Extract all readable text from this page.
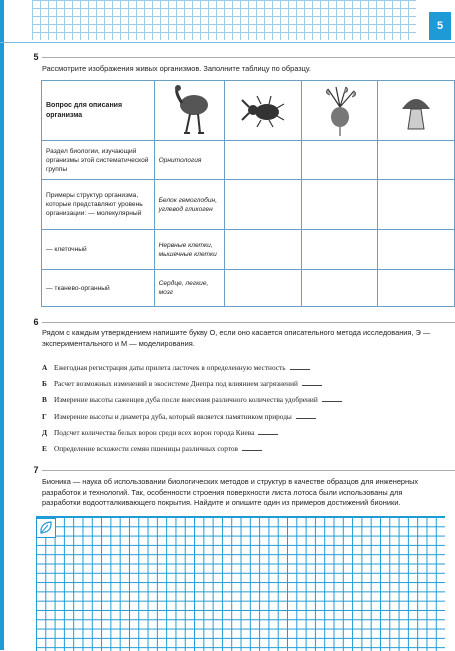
5
5
Рассмотрите изображения живых организмов. Заполните таблицу по образцу.
Вопрос для описания организма	

Раздел биологии, изучающий организмы этой систематической группы	Орнитология			
Примеры структур организма, которые представляют уровень организации: — молекулярный	Белок гемоглобин, углевод гликоген			
— клеточный	Нервные клетки, мышечные клетки			
— тканево-органный	Сердце, легкие, мозг			
6
Рядом с каждым утверждением напишите букву О, если оно касается описательного метода исследования, Э — экспериментального и М — моделирования.
А Ежегодная регистрация даты прилета ласточек в определенную местность
Б Расчет возможных изменений в экосистеме Днепра под влиянием загрязнений
В Измерение высоты саженцев дуба после внесения различного количества удобрений
Г Измерение высоты и диаметра дуба, который является памятником природы
Д Подсчет количества белых ворон среди всех ворон города Киева
Е Определение всхожести семян пшеницы различных сортов
7
Бионика — наука об использовании биологических методов и структур в качестве образцов для инженерных разработок и технологий. Так, особенности строения поверхности листа лотоса были использованы для разработки водоотталкивающего покрытия. Найдите и опишите один из примеров достижений бионики.
